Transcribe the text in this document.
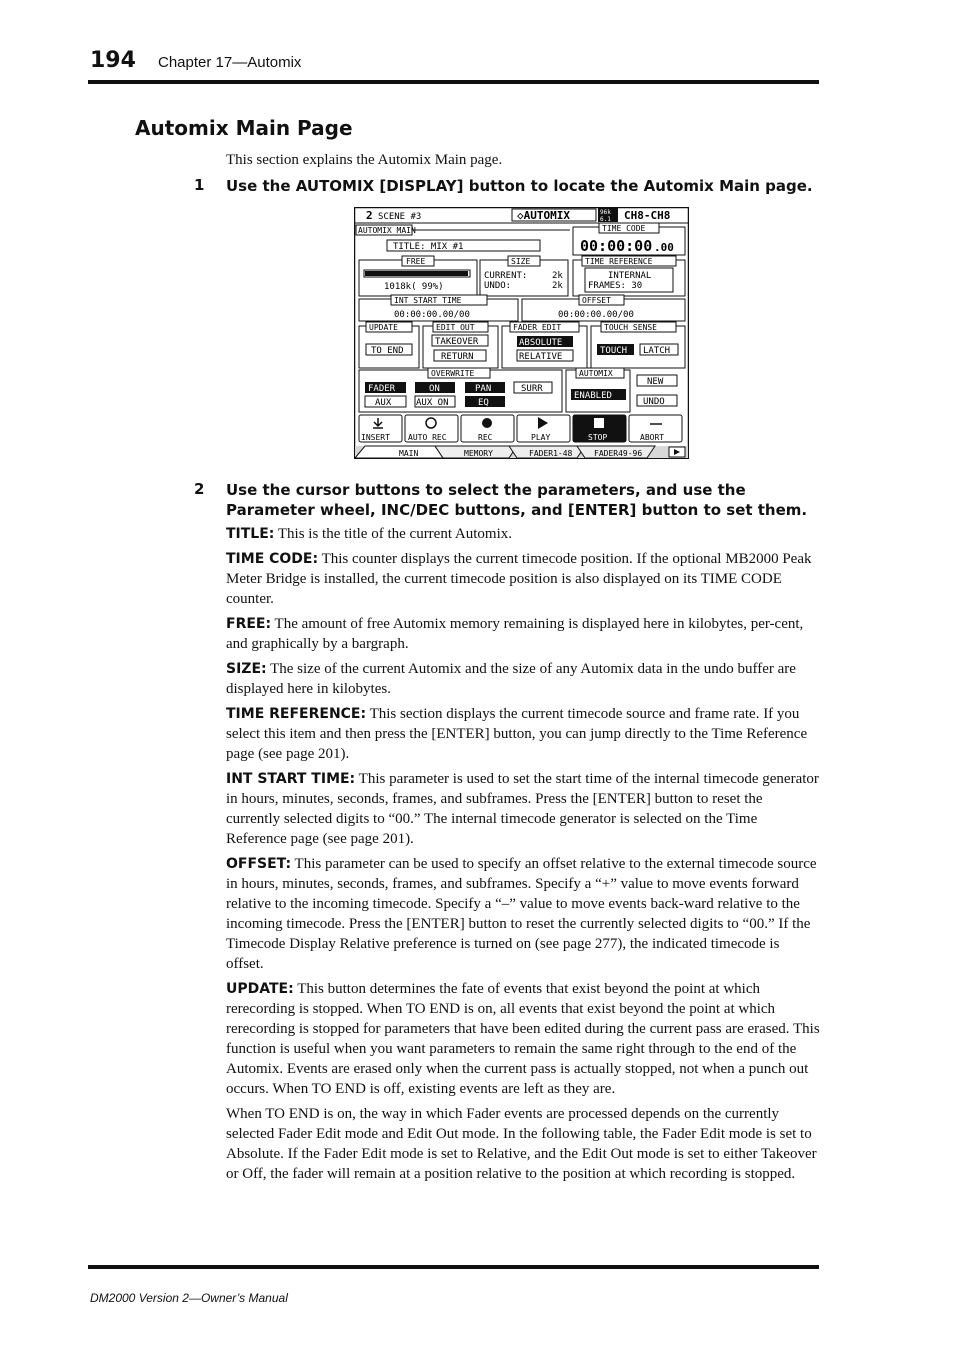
194 Chapter 17—Automix
Automix Main Page
This section explains the Automix Main page.
1 Use the AUTOMIX [DISPLAY] button to locate the Automix Main page.
2 SCENE #3	◇AUTOMIX	96k
6.1 CH8-CH8
AUTOMIX MAIN
TITLE: MIX #1
TIME CODE
00:00:00 .00
FREE
1018k( 99%)
SIZE
CURRENT:	2k
UNDO:	2k
TIME REFERENCE
INTERNAL
FRAMES: 30
INT START TIME
00:00:00.00/00
OFFSET
00:00:00.00/00
UPDATE
TO END
EDIT OUT
TAKEOVER
RETURN
FADER EDIT
ABSOLUTE
RELATIVE
TOUCH SENSE
TOUCH LATCH
OVERWRITE
FADER	ON	PAN	SURR
AUX	AUX ON	EQ
AUTOMIX
ENABLED
NEW
UNDO
INSERT AUTO REC	REC	PLAY	STOP	ABORT
MAIN	MEMORY	FADER1-48	FADER49-96
2 Use the cursor buttons to select the parameters, and use the Parameter wheel, INC/DEC buttons, and [ENTER] button to set them.

TITLE: This is the title of the current Automix.

TIME CODE: This counter displays the current timecode position. If the optional MB2000 Peak Meter Bridge is installed, the current timecode position is also displayed on its TIME CODE counter.

FREE: The amount of free Automix memory remaining is displayed here in kilobytes, per-cent, and graphically by a bargraph.

SIZE: The size of the current Automix and the size of any Automix data in the undo buffer are displayed here in kilobytes.

TIME REFERENCE: This section displays the current timecode source and frame rate. If you select this item and then press the [ENTER] button, you can jump directly to the Time Reference page (see page 201).

INT START TIME: This parameter is used to set the start time of the internal timecode generator in hours, minutes, seconds, frames, and subframes. Press the [ENTER] button to reset the currently selected digits to “00.” The internal timecode generator is selected on the Time Reference page (see page 201).

OFFSET: This parameter can be used to specify an offset relative to the external timecode source in hours, minutes, seconds, frames, and subframes. Specify a “+” value to move events forward relative to the incoming timecode. Specify a “–” value to move events back-ward relative to the incoming timecode. Press the [ENTER] button to reset the currently selected digits to “00.” If the Timecode Display Relative preference is turned on (see page 277), the indicated timecode is offset.

UPDATE: This button determines the fate of events that exist beyond the point at which rerecording is stopped. When TO END is on, all events that exist beyond the point at which rerecording is stopped for parameters that have been edited during the current pass are erased. This function is useful when you want parameters to remain the same right through to the end of the Automix. Events are erased only when the current pass is actually stopped, not when a punch out occurs. When TO END is off, existing events are left as they are.

When TO END is on, the way in which Fader events are processed depends on the currently selected Fader Edit mode and Edit Out mode. In the following table, the Fader Edit mode is set to Absolute. If the Fader Edit mode is set to Relative, and the Edit Out mode is set to either Takeover or Off, the fader will remain at a position relative to the position at which recording is stopped.

DM2000 Version 2—Owner’s Manual
